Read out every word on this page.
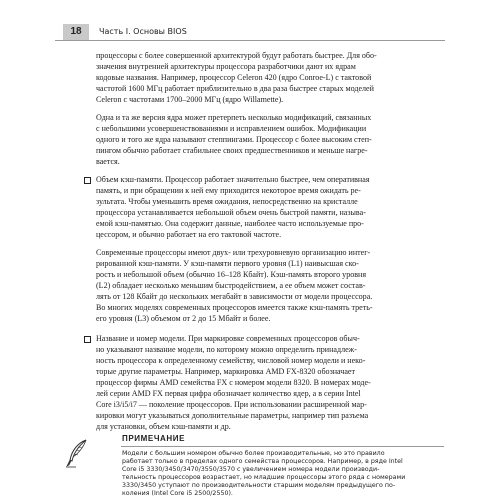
18	Часть I. Основы BIOS
процессоры с более совершенной архитектурой будут работать быстрее. Для обо-
значения внутренней архитектуры процессора разработчики дают их ядрам
кодовые названия. Например, процессор Celeron 420 (ядро Conroe-L) с тактовой
частотой 1600 МГц работает приблизительно в два раза быстрее старых моделей
Celeron с частотами 1700–2000 МГц (ядро Willamette).
Одна и та же версия ядра может претерпеть несколько модификаций, связанных
с небольшими усовершенствованиями и исправлением ошибок. Модификации
одного и того же ядра называют степпингами. Процессор с более высоким степ-
пингом обычно работает стабильнее своих предшественников и меньше нагре-
вается.
Объем кэш-памяти. Процессор работает значительно быстрее, чем оперативная
память, и при обращении к ней ему приходится некоторое время ожидать ре-
зультата. Чтобы уменьшить время ожидания, непосредственно на кристалле
процессора устанавливается небольшой объем очень быстрой памяти, называ-
емой кэш-памятью. Она содержит данные, наиболее часто используемые про-
цессором, и обычно работает на его тактовой частоте.
Современные процессоры имеют двух- или трехуровневую организацию интег-
рированной кэш-памяти. У кэш-памяти первого уровня (L1) наивысшая ско-
рость и небольшой объем (обычно 16–128 Кбайт). Кэш-память второго уровня
(L2) обладает несколько меньшим быстродействием, а ее объем может состав-
лять от 128 Кбайт до нескольких мегабайт в зависимости от модели процессора.
Во многих моделях современных процессоров имеется также кэш-память треть-
его уровня (L3) объемом от 2 до 15 Мбайт и более.
Название и номер модели. При маркировке современных процессоров обыч-
но указывают название модели, по которому можно определить принадлеж-
ность процессора к определенному семейству, числовой номер модели и неко-
торые другие параметры. Например, маркировка AMD FX-8320 обозначает
процессор фирмы AMD семейства FX с номером модели 8320. В номерах моде-
лей серии AMD FX первая цифра обозначает количество ядер, а в серии Intel
Core i3/i5/i7 — поколение процессоров. При использовании расширенной мар-
кировки могут указываться дополнительные параметры, например тип разъема
для установки, объем кэш-памяти и др.
ПРИМЕЧАНИЕ
Модели с большим номером обычно более производительные, но это правило
работает только в пределах одного семейства процессоров. Например, в ряде Intel
Core i5 3330/3450/3470/3550/3570 с увеличением номера модели производи-
тельность процессоров возрастает, но младшие процессоры этого ряда с номерами
3330/3450 уступают по производительности старшим моделям предыдущего по-
коления (Intel Core i5 2500/2550).
